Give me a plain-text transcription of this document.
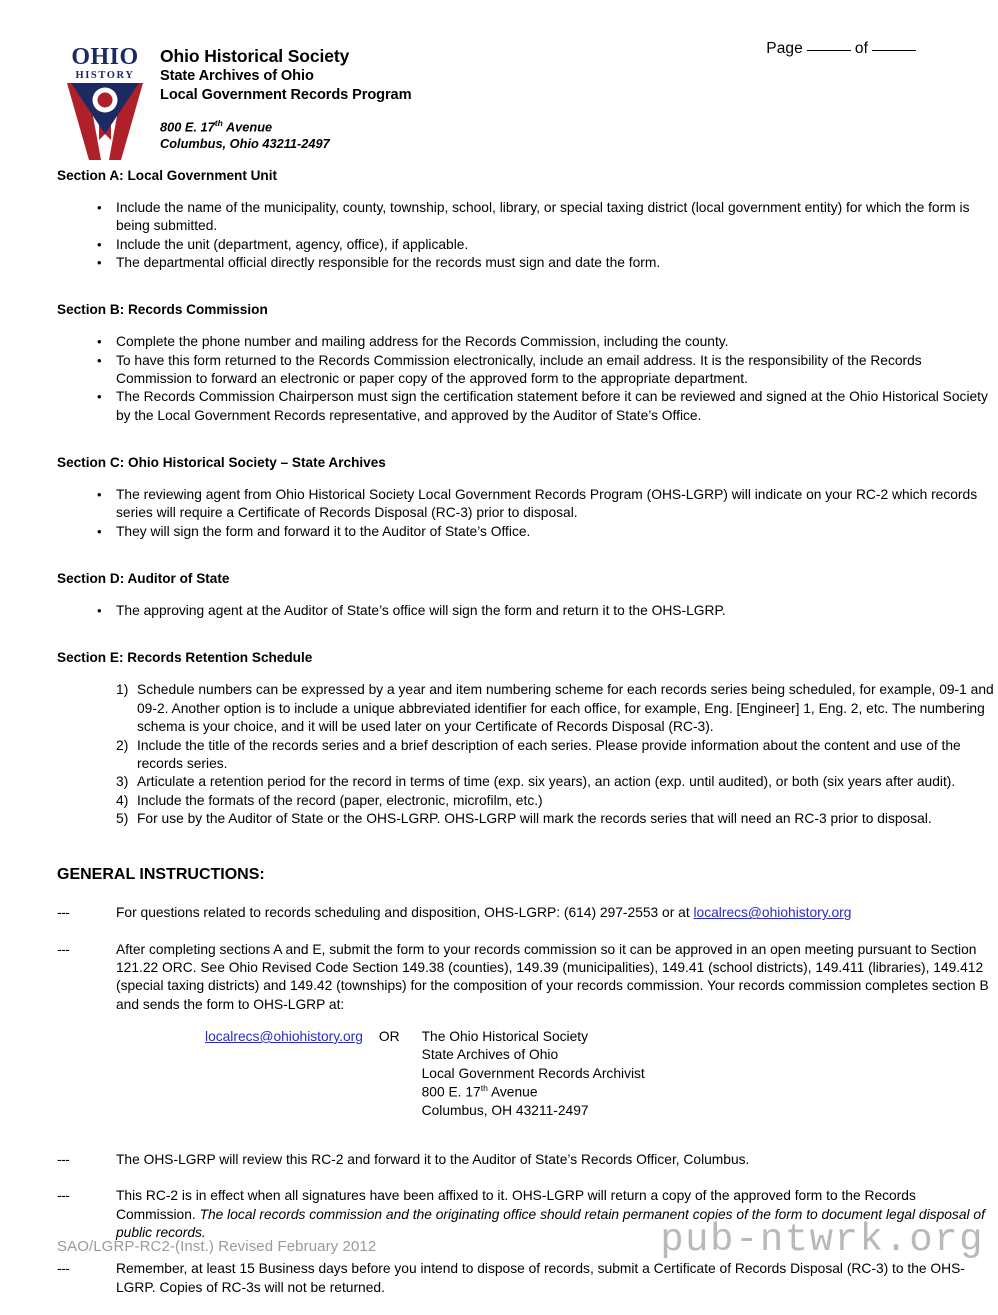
Page	of
OHIO
HISTORY
Ohio Historical Society
State Archives of Ohio
Local Government Records Program
800 E. 17th Avenue
Columbus, Ohio 43211-2497
Section A: Local Government Unit
• Include the name of the municipality, county, township, school, library, or special taxing district (local government entity) for which the form is being submitted.
• Include the unit (department, agency, office), if applicable.
• The departmental official directly responsible for the records must sign and date the form.
Section B: Records Commission
• Complete the phone number and mailing address for the Records Commission, including the county.
• To have this form returned to the Records Commission electronically, include an email address. It is the responsibility of the Records Commission to forward an electronic or paper copy of the approved form to the appropriate department.
• The Records Commission Chairperson must sign the certification statement before it can be reviewed and signed at the Ohio Historical Society by the Local Government Records representative, and approved by the Auditor of State’s Office.
Section C: Ohio Historical Society – State Archives
• The reviewing agent from Ohio Historical Society Local Government Records Program (OHS-LGRP) will indicate on your RC-2 which records series will require a Certificate of Records Disposal (RC-3) prior to disposal.
• They will sign the form and forward it to the Auditor of State’s Office.
Section D: Auditor of State
• The approving agent at the Auditor of State’s office will sign the form and return it to the OHS-LGRP.
Section E: Records Retention Schedule
Schedule numbers can be expressed by a year and item numbering scheme for each records series being scheduled, for example, 09-1 and 09-2. Another option is to include a unique abbreviated identifier for each office, for example, Eng. [Engineer] 1, Eng. 2, etc. The numbering schema is your choice, and it will be used later on your Certificate of Records Disposal (RC-3).
Include the title of the records series and a brief description of each series. Please provide information about the content and use of the records series.
Articulate a retention period for the record in terms of time (exp. six years), an action (exp. until audited), or both (six years after audit).
Include the formats of the record (paper, electronic, microfilm, etc.)
For use by the Auditor of State or the OHS-LGRP. OHS-LGRP will mark the records series that will need an RC-3 prior to disposal.
GENERAL INSTRUCTIONS:
--- For questions related to records scheduling and disposition, OHS-LGRP: (614) 297-2553 or at localrecs@ohiohistory.org
--- After completing sections A and E, submit the form to your records commission so it can be approved in an open meeting pursuant to Section 121.22 ORC. See Ohio Revised Code Section 149.38 (counties), 149.39 (municipalities), 149.41 (school districts), 149.411 (libraries), 149.412 (special taxing districts) and 149.42 (townships) for the composition of your records commission. Your records commission completes section B and sends the form to OHS-LGRP at:
localrecs@ohiohistory.org OR The Ohio Historical Society
State Archives of Ohio
Local Government Records Archivist
800 E. 17th Avenue
Columbus, OH 43211-2497
--- The OHS-LGRP will review this RC-2 and forward it to the Auditor of State’s Records Officer, Columbus.
--- This RC-2 is in effect when all signatures have been affixed to it. OHS-LGRP will return a copy of the approved form to the Records Commission. The local records commission and the originating office should retain permanent copies of the form to document legal disposal of public records.
--- Remember, at least 15 Business days before you intend to dispose of records, submit a Certificate of Records Disposal (RC-3) to the OHS-LGRP. Copies of RC-3s will not be returned.
SAO/LGRP-RC2-(Inst.) Revised February 2012	pub-ntwrk.org
